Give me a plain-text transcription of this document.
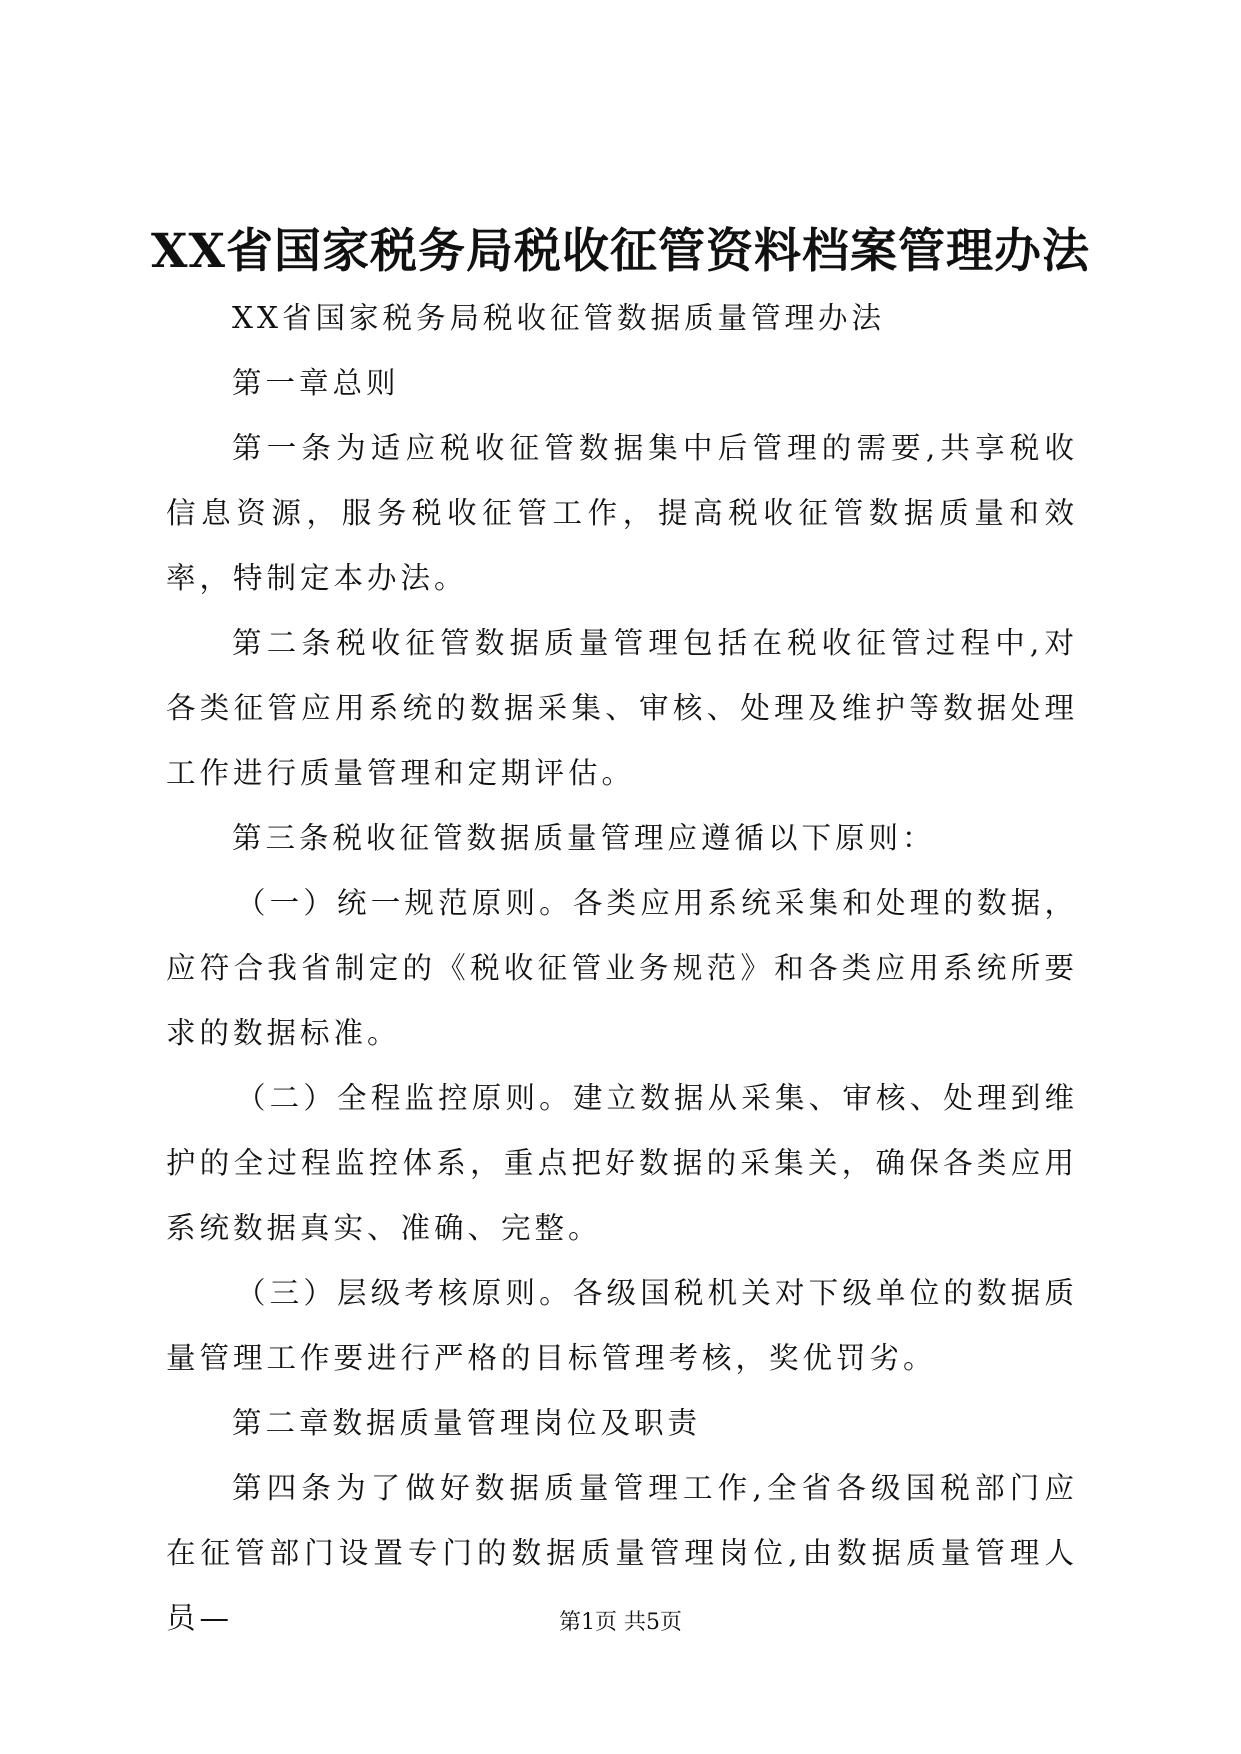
XX省国家税务局税收征管资料档案管理办法

XX省国家税务局税收征管数据质量管理办法

第一章总则

第一条为适应税收征管数据集中后管理的需要,共享税收信息资源，服务税收征管工作，提高税收征管数据质量和效率，特制定本办法。

第二条税收征管数据质量管理包括在税收征管过程中,对各类征管应用系统的数据采集、审核、处理及维护等数据处理工作进行质量管理和定期评估。

第三条税收征管数据质量管理应遵循以下原则：

（一）统一规范原则。各类应用系统采集和处理的数据，应符合我省制定的《税收征管业务规范》和各类应用系统所要求的数据标准。

（二）全程监控原则。建立数据从采集、审核、处理到维护的全过程监控体系，重点把好数据的采集关，确保各类应用系统数据真实、准确、完整。

（三）层级考核原则。各级国税机关对下级单位的数据质量管理工作要进行严格的目标管理考核，奖优罚劣。

第二章数据质量管理岗位及职责

第四条为了做好数据质量管理工作,全省各级国税部门应在征管部门设置专门的数据质量管理岗位,由数据质量管理人员—	第1页 共5页
